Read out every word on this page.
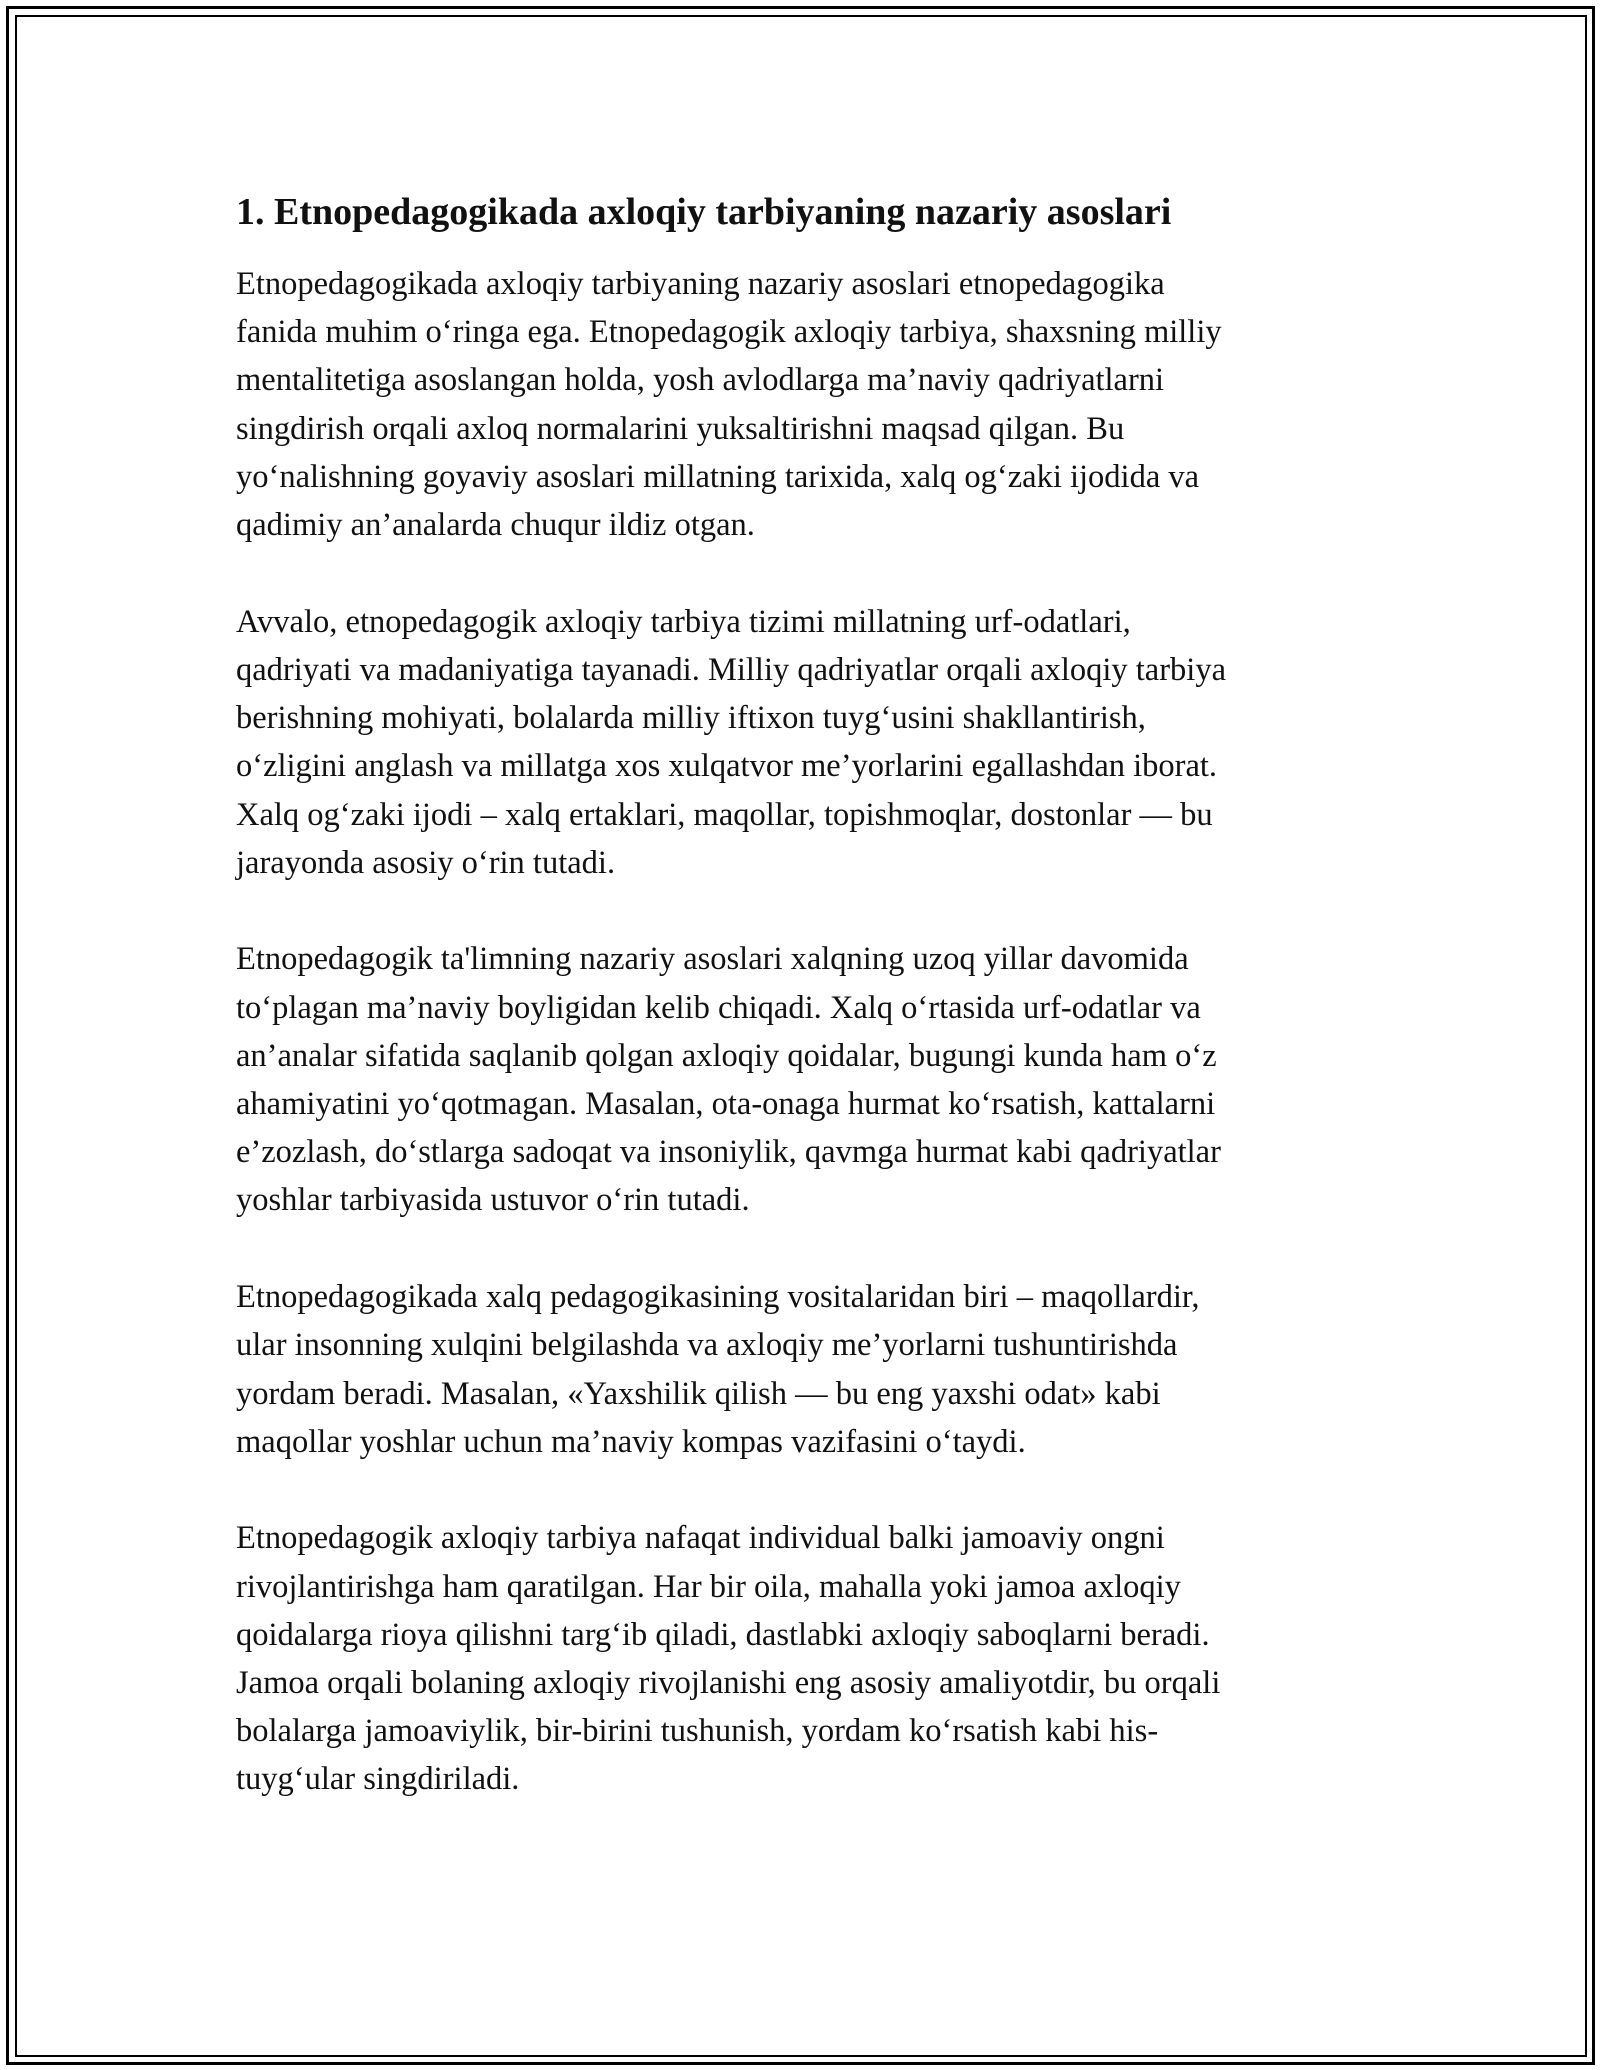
1. Etnopedagogikada axloqiy tarbiyaning nazariy asoslari

Etnopedagogikada axloqiy tarbiyaning nazariy asoslari etnopedagogika
fanida muhim o‘ringa ega. Etnopedagogik axloqiy tarbiya, shaxsning milliy
mentalitetiga asoslangan holda, yosh avlodlarga ma’naviy qadriyatlarni
singdirish orqali axloq normalarini yuksaltirishni maqsad qilgan. Bu
yo‘nalishning goyaviy asoslari millatning tarixida, xalq og‘zaki ijodida va
qadimiy an’analarda chuqur ildiz otgan.

Avvalo, etnopedagogik axloqiy tarbiya tizimi millatning urf-odatlari,
qadriyati va madaniyatiga tayanadi. Milliy qadriyatlar orqali axloqiy tarbiya
berishning mohiyati, bolalarda milliy iftixon tuyg‘usini shakllantirish,
o‘zligini anglash va millatga xos xulqatvor me’yorlarini egallashdan iborat.
Xalq og‘zaki ijodi – xalq ertaklari, maqollar, topishmoqlar, dostonlar — bu
jarayonda asosiy o‘rin tutadi.

Etnopedagogik ta'limning nazariy asoslari xalqning uzoq yillar davomida
to‘plagan ma’naviy boyligidan kelib chiqadi. Xalq o‘rtasida urf-odatlar va
an’analar sifatida saqlanib qolgan axloqiy qoidalar, bugungi kunda ham o‘z
ahamiyatini yo‘qotmagan. Masalan, ota-onaga hurmat ko‘rsatish, kattalarni
e’zozlash, do‘stlarga sadoqat va insoniylik, qavmga hurmat kabi qadriyatlar
yoshlar tarbiyasida ustuvor o‘rin tutadi.

Etnopedagogikada xalq pedagogikasining vositalaridan biri – maqollardir,
ular insonning xulqini belgilashda va axloqiy me’yorlarni tushuntirishda
yordam beradi. Masalan, «Yaxshilik qilish — bu eng yaxshi odat» kabi
maqollar yoshlar uchun ma’naviy kompas vazifasini o‘taydi.

Etnopedagogik axloqiy tarbiya nafaqat individual balki jamoaviy ongni
rivojlantirishga ham qaratilgan. Har bir oila, mahalla yoki jamoa axloqiy
qoidalarga rioya qilishni targ‘ib qiladi, dastlabki axloqiy saboqlarni beradi.
Jamoa orqali bolaning axloqiy rivojlanishi eng asosiy amaliyotdir, bu orqali
bolalarga jamoaviylik, bir-birini tushunish, yordam ko‘rsatish kabi his-
tuyg‘ular singdiriladi.
